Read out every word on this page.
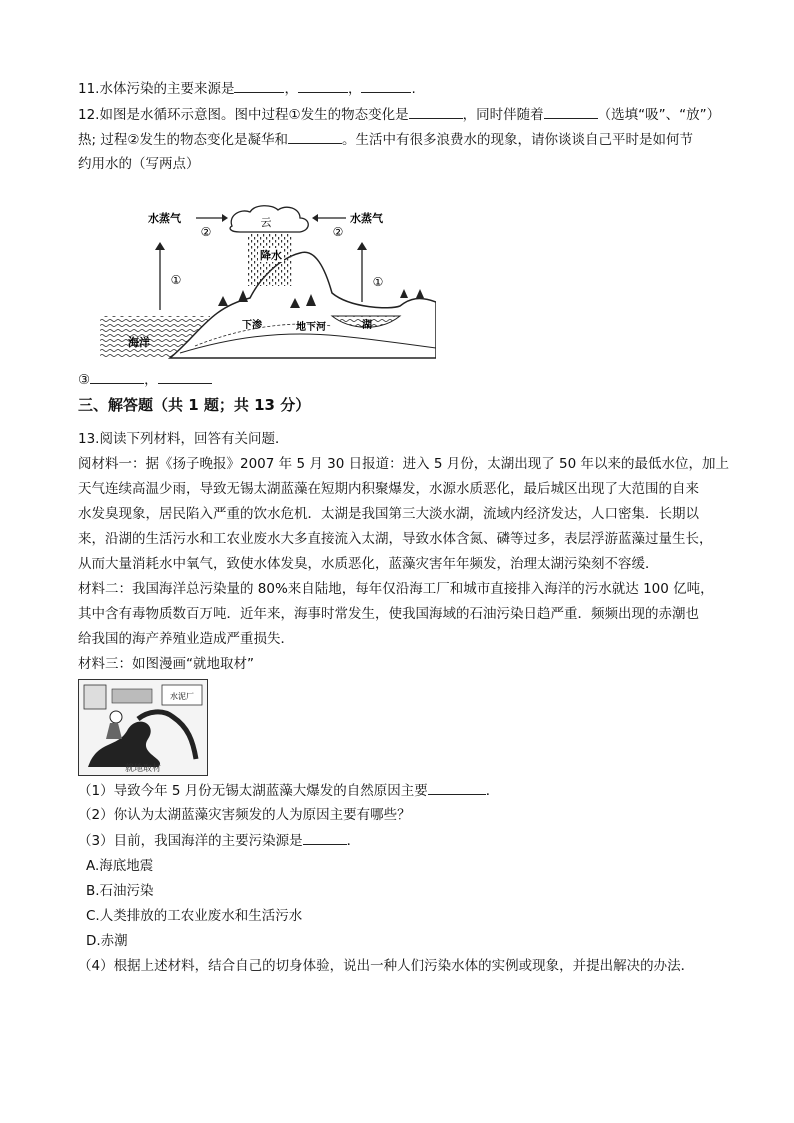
11.水体污染的主要来源是	，	，	.
12.如图是水循环示意图。图中过程①发生的物态变化是	，同时伴随着	（选填“吸”、“放”）
热; 过程②发生的物态变化是凝华和	。生活中有很多浪费水的现象，请你谈谈自己平时是如何节
约用水的（写两点）
云
降水
水蒸气
②
水蒸气
②
①	①
海洋
下渗	地下河	湖
③	，
三、解答题（共 1 题；共 13 分）
13.阅读下列材料，回答有关问题．
阅材料一：据《扬子晚报》2007 年 5 月 30 日报道：进入 5 月份，太湖出现了 50 年以来的最低水位，加上
天气连续高温少雨，导致无锡太湖蓝藻在短期内积聚爆发，水源水质恶化，最后城区出现了大范围的自来
水发臭现象，居民陷入严重的饮水危机．太湖是我国第三大淡水湖，流域内经济发达，人口密集．长期以
来，沿湖的生活污水和工农业废水大多直接流入太湖，导致水体含氮、磷等过多，表层浮游蓝藻过量生长，
从而大量消耗水中氧气，致使水体发臭，水质恶化，蓝藻灾害年年频发，治理太湖污染刻不容缓．
材料二：我国海洋总污染量的 80%来自陆地，每年仅沿海工厂和城市直接排入海洋的污水就达 100 亿吨，
其中含有毒物质数百万吨．近年来，海事时常发生，使我国海域的石油污染日趋严重．频频出现的赤潮也
给我国的海产养殖业造成严重损失．
材料三：如图漫画“就地取材”
水泥厂
就地取材
（1）导致今年 5 月份无锡太湖蓝藻大爆发的自然原因主要	．
（2）你认为太湖蓝藻灾害频发的人为原因主要有哪些？
（3）目前，我国海洋的主要污染源是	．
A.海底地震
B.石油污染
C.人类排放的工农业废水和生活污水
D.赤潮
（4）根据上述材料，结合自己的切身体验，说出一种人们污染水体的实例或现象，并提出解决的办法．
